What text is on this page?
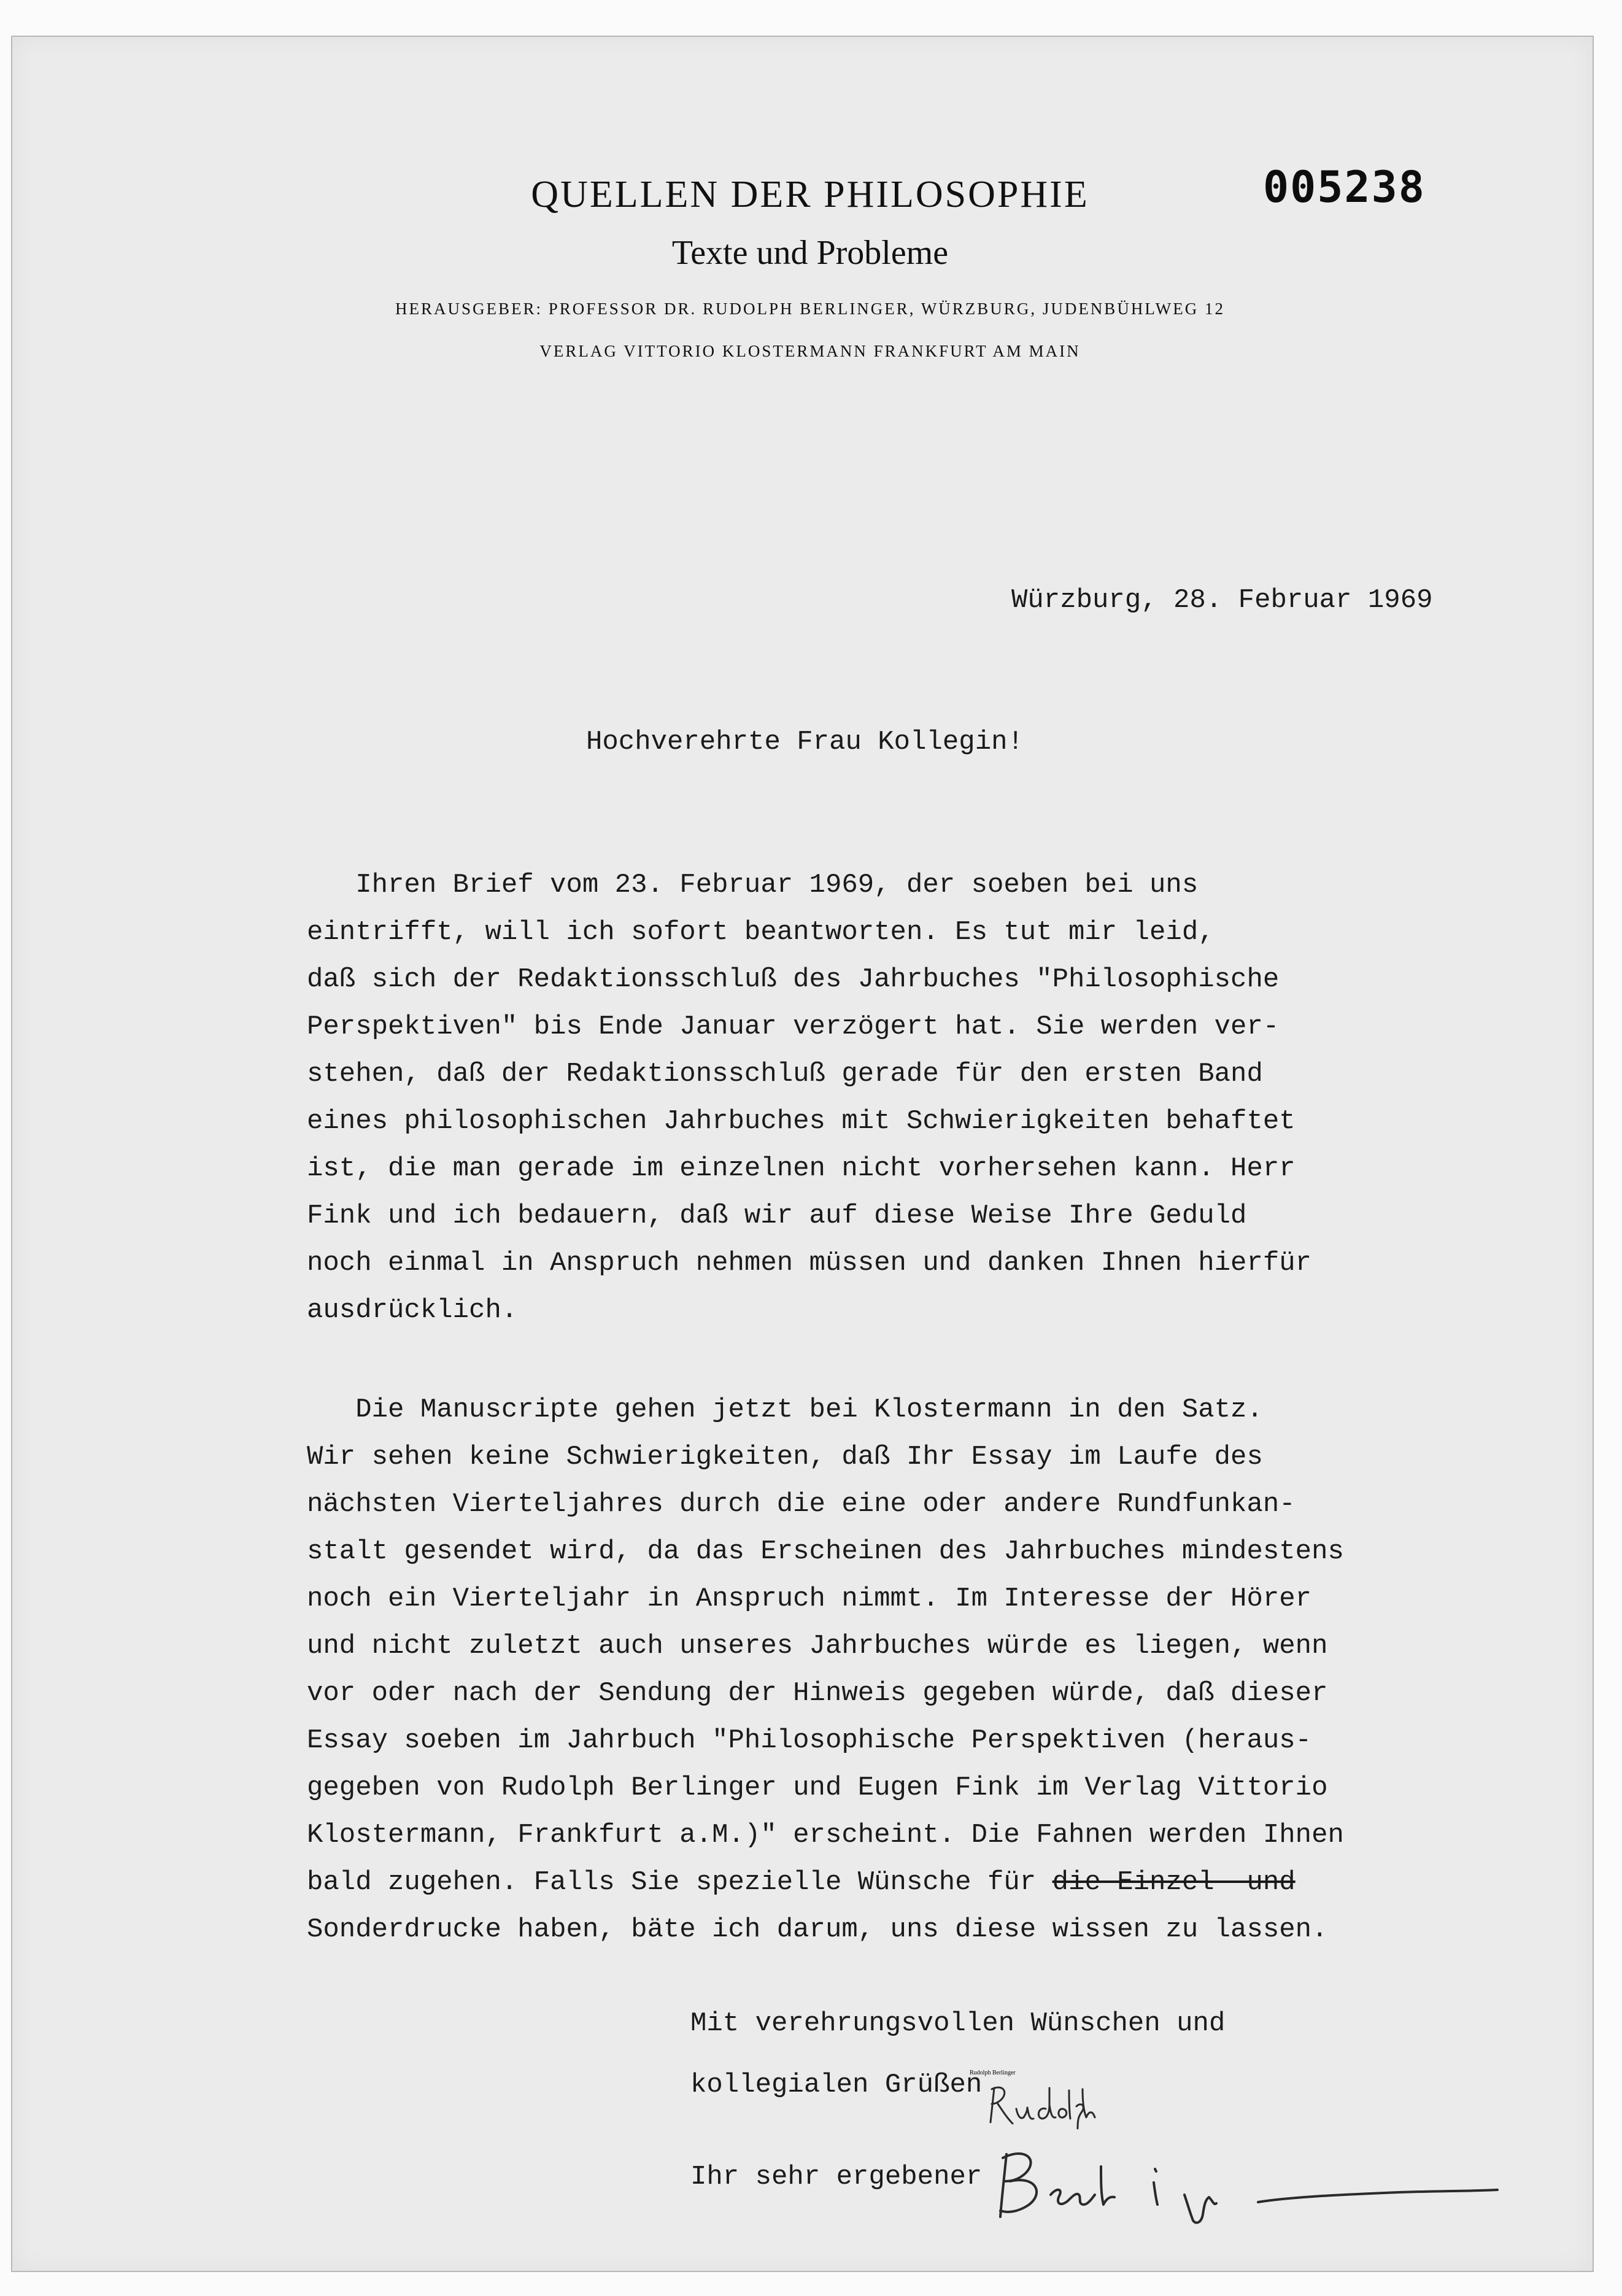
QUELLEN DER PHILOSOPHIE
Texte und Probleme
HERAUSGEBER: PROFESSOR DR. RUDOLPH BERLINGER, WÜRZBURG, JUDENBÜHLWEG 12
VERLAG VITTORIO KLOSTERMANN FRANKFURT AM MAIN
005238
Würzburg, 28. Februar 1969
Hochverehrte Frau Kollegin!
Ihren Brief vom 23. Februar 1969, der soeben bei uns
eintrifft, will ich sofort beantworten. Es tut mir leid,
daß sich der Redaktionsschluß des Jahrbuches "Philosophische
Perspektiven" bis Ende Januar verzögert hat. Sie werden ver-
stehen, daß der Redaktionsschluß gerade für den ersten Band
eines philosophischen Jahrbuches mit Schwierigkeiten behaftet
ist, die man gerade im einzelnen nicht vorhersehen kann. Herr
Fink und ich bedauern, daß wir auf diese Weise Ihre Geduld
noch einmal in Anspruch nehmen müssen und danken Ihnen hierfür
ausdrücklich.
Die Manuscripte gehen jetzt bei Klostermann in den Satz.
Wir sehen keine Schwierigkeiten, daß Ihr Essay im Laufe des
nächsten Vierteljahres durch die eine oder andere Rundfunkan-
stalt gesendet wird, da das Erscheinen des Jahrbuches mindestens
noch ein Vierteljahr in Anspruch nimmt. Im Interesse der Hörer
und nicht zuletzt auch unseres Jahrbuches würde es liegen, wenn
vor oder nach der Sendung der Hinweis gegeben würde, daß dieser
Essay soeben im Jahrbuch "Philosophische Perspektiven (heraus-
gegeben von Rudolph Berlinger und Eugen Fink im Verlag Vittorio
Klostermann, Frankfurt a.M.)" erscheint. Die Fahnen werden Ihnen
bald zugehen. Falls Sie spezielle Wünsche für die Einzel- und
Sonderdrucke haben, bäte ich darum, uns diese wissen zu lassen.
Mit verehrungsvollen Wünschen und
kollegialen Grüßen
Ihr sehr ergebener
Rudolph Berlinger
